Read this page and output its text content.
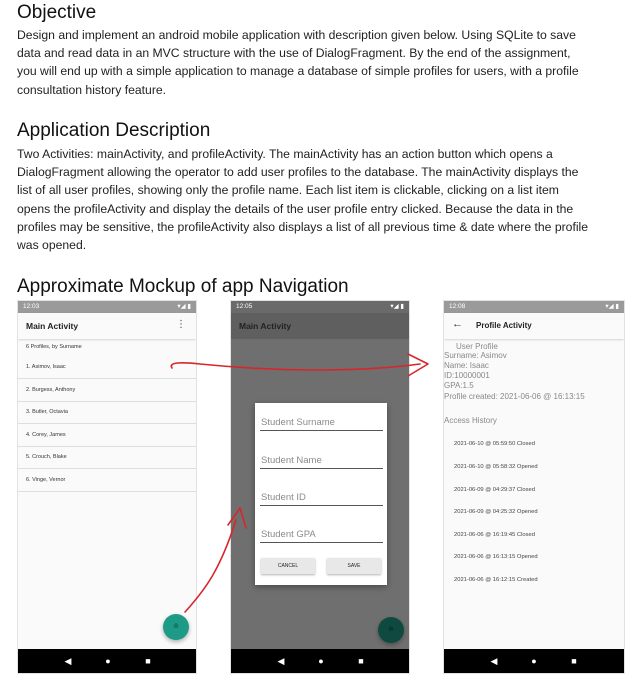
Objective
Design and implement an android mobile application with description given below. Using SQLite to save
data and read data in an MVC structure with the use of DialogFragment. By the end of the assignment,
you will end up with a simple application to manage a database of simple profiles for users, with a profile
consultation history feature.
Application Description
Two Activities: mainActivity, and profileActivity. The mainActivity has an action button which opens a
DialogFragment allowing the operator to add user profiles to the database. The mainActivity displays the
list of all user profiles, showing only the profile name. Each list item is clickable, clicking on a list item
opens the profileActivity and display the details of the user profile entry clicked. Because the data in the
profiles may be sensitive, the profileActivity also displays a list of all previous time & date where the profile
was opened.
Approximate Mockup of app Navigation
12:03	▾◢ ▮
Main Activity	⋮
6 Profiles, by Surname
1. Asimov, Isaac
2. Burgess, Anthony
3. Butler, Octavia
4. Corey, James
5. Crouch, Blake
6. Vinge, Vernor
⊕
◀	●	■
12:05	▾◢ ▮
Main Activity
Student Surname
Student Name
Student ID
Student GPA
CANCEL	SAVE
⊕
◀	●	■
12:08	▾◢ ▮
← Profile Activity
User Profile
Surname: Asimov
Name: Isaac
ID:10000001
GPA:1.5
Profile created: 2021-06-06 @ 16:13:15
Access History
2021-06-10 @ 05:59:50 Closed
2021-06-10 @ 05:58:32 Opened
2021-06-09 @ 04:29:37 Closed
2021-06-09 @ 04:25:32 Opened
2021-06-06 @ 16:19:45 Closed
2021-06-06 @ 16:13:15 Opened
2021-06-06 @ 16:12:15 Created
◀	●	■
